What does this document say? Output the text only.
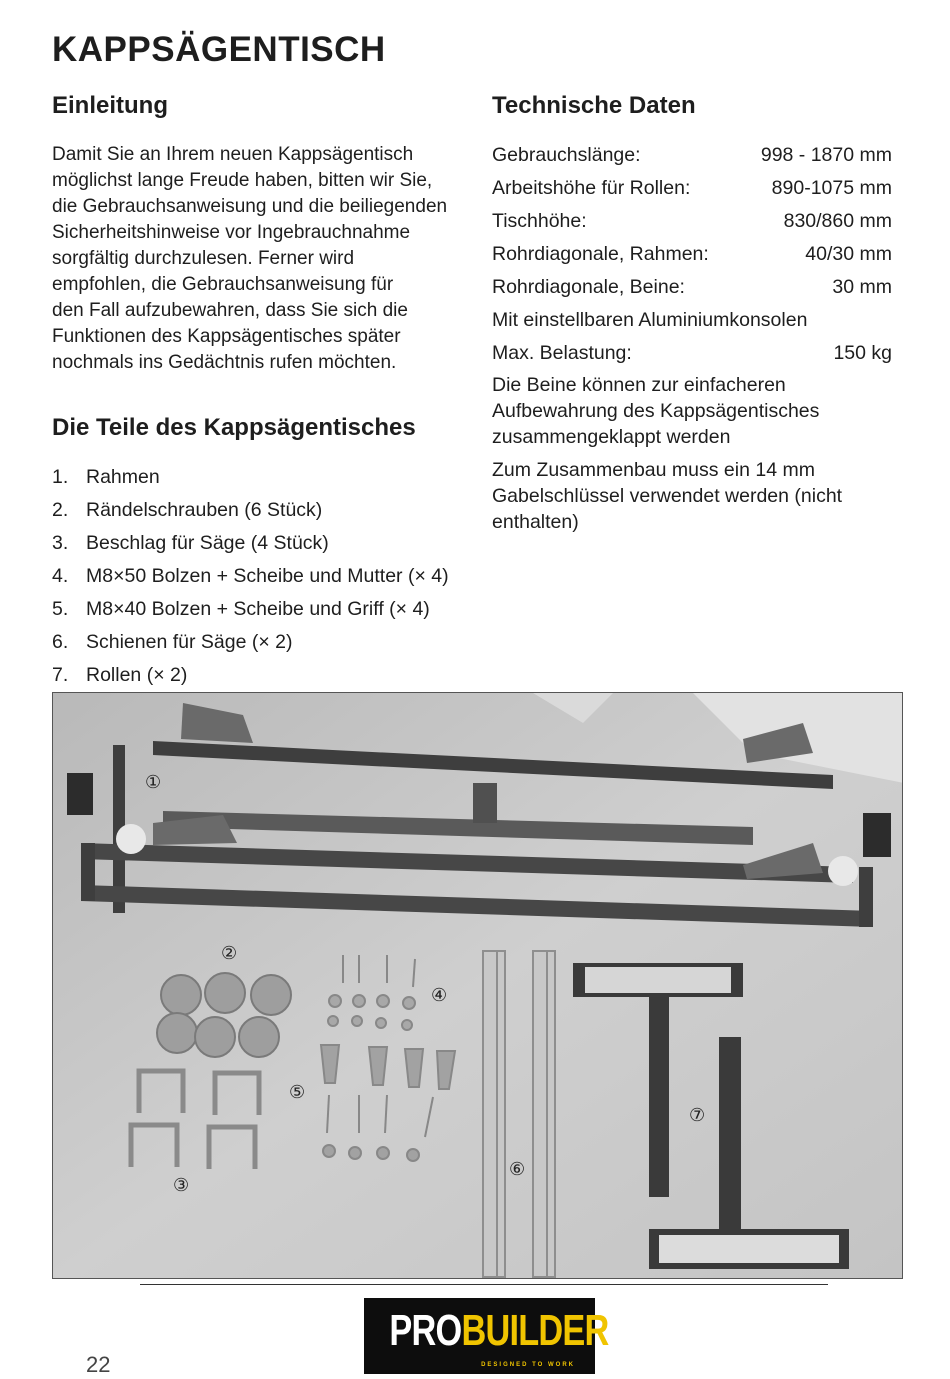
KAPPSÄGENTISCH
Einleitung
Damit Sie an Ihrem neuen Kappsägentisch
möglichst lange Freude haben, bitten wir Sie,
die Gebrauchsanweisung und die beiliegenden
Sicherheitshinweise vor Ingebrauchnahme
sorgfältig durchzulesen. Ferner wird
empfohlen, die Gebrauchsanweisung für
den Fall aufzubewahren, dass Sie sich die
Funktionen des Kappsägentisches später
nochmals ins Gedächtnis rufen möchten.
Technische Daten
Gebrauchslänge:	998 - 1870 mm
Arbeitshöhe für Rollen:	890-1075 mm
Tischhöhe:	830/860 mm
Rohrdiagonale, Rahmen:	40/30 mm
Rohrdiagonale, Beine:	30 mm
Mit einstellbaren Aluminiumkonsolen
Max. Belastung:	150 kg
Die Beine können zur einfacheren
Aufbewahrung des Kappsägentisches
zusammengeklappt werden
Zum Zusammenbau muss ein 14 mm
Gabelschlüssel verwendet werden (nicht
enthalten)
Die Teile des Kappsägentisches
1. Rahmen
2. Rändelschrauben (6 Stück)
3. Beschlag für Säge (4 Stück)
4. M8×50 Bolzen + Scheibe und Mutter (× 4)
5. M8×40 Bolzen + Scheibe und Griff (× 4)
6. Schienen für Säge (× 2)
7. Rollen (× 2)
①
②
③
④
⑤
⑥
⑦
PROBUILDER
DESIGNED TO WORK
22
